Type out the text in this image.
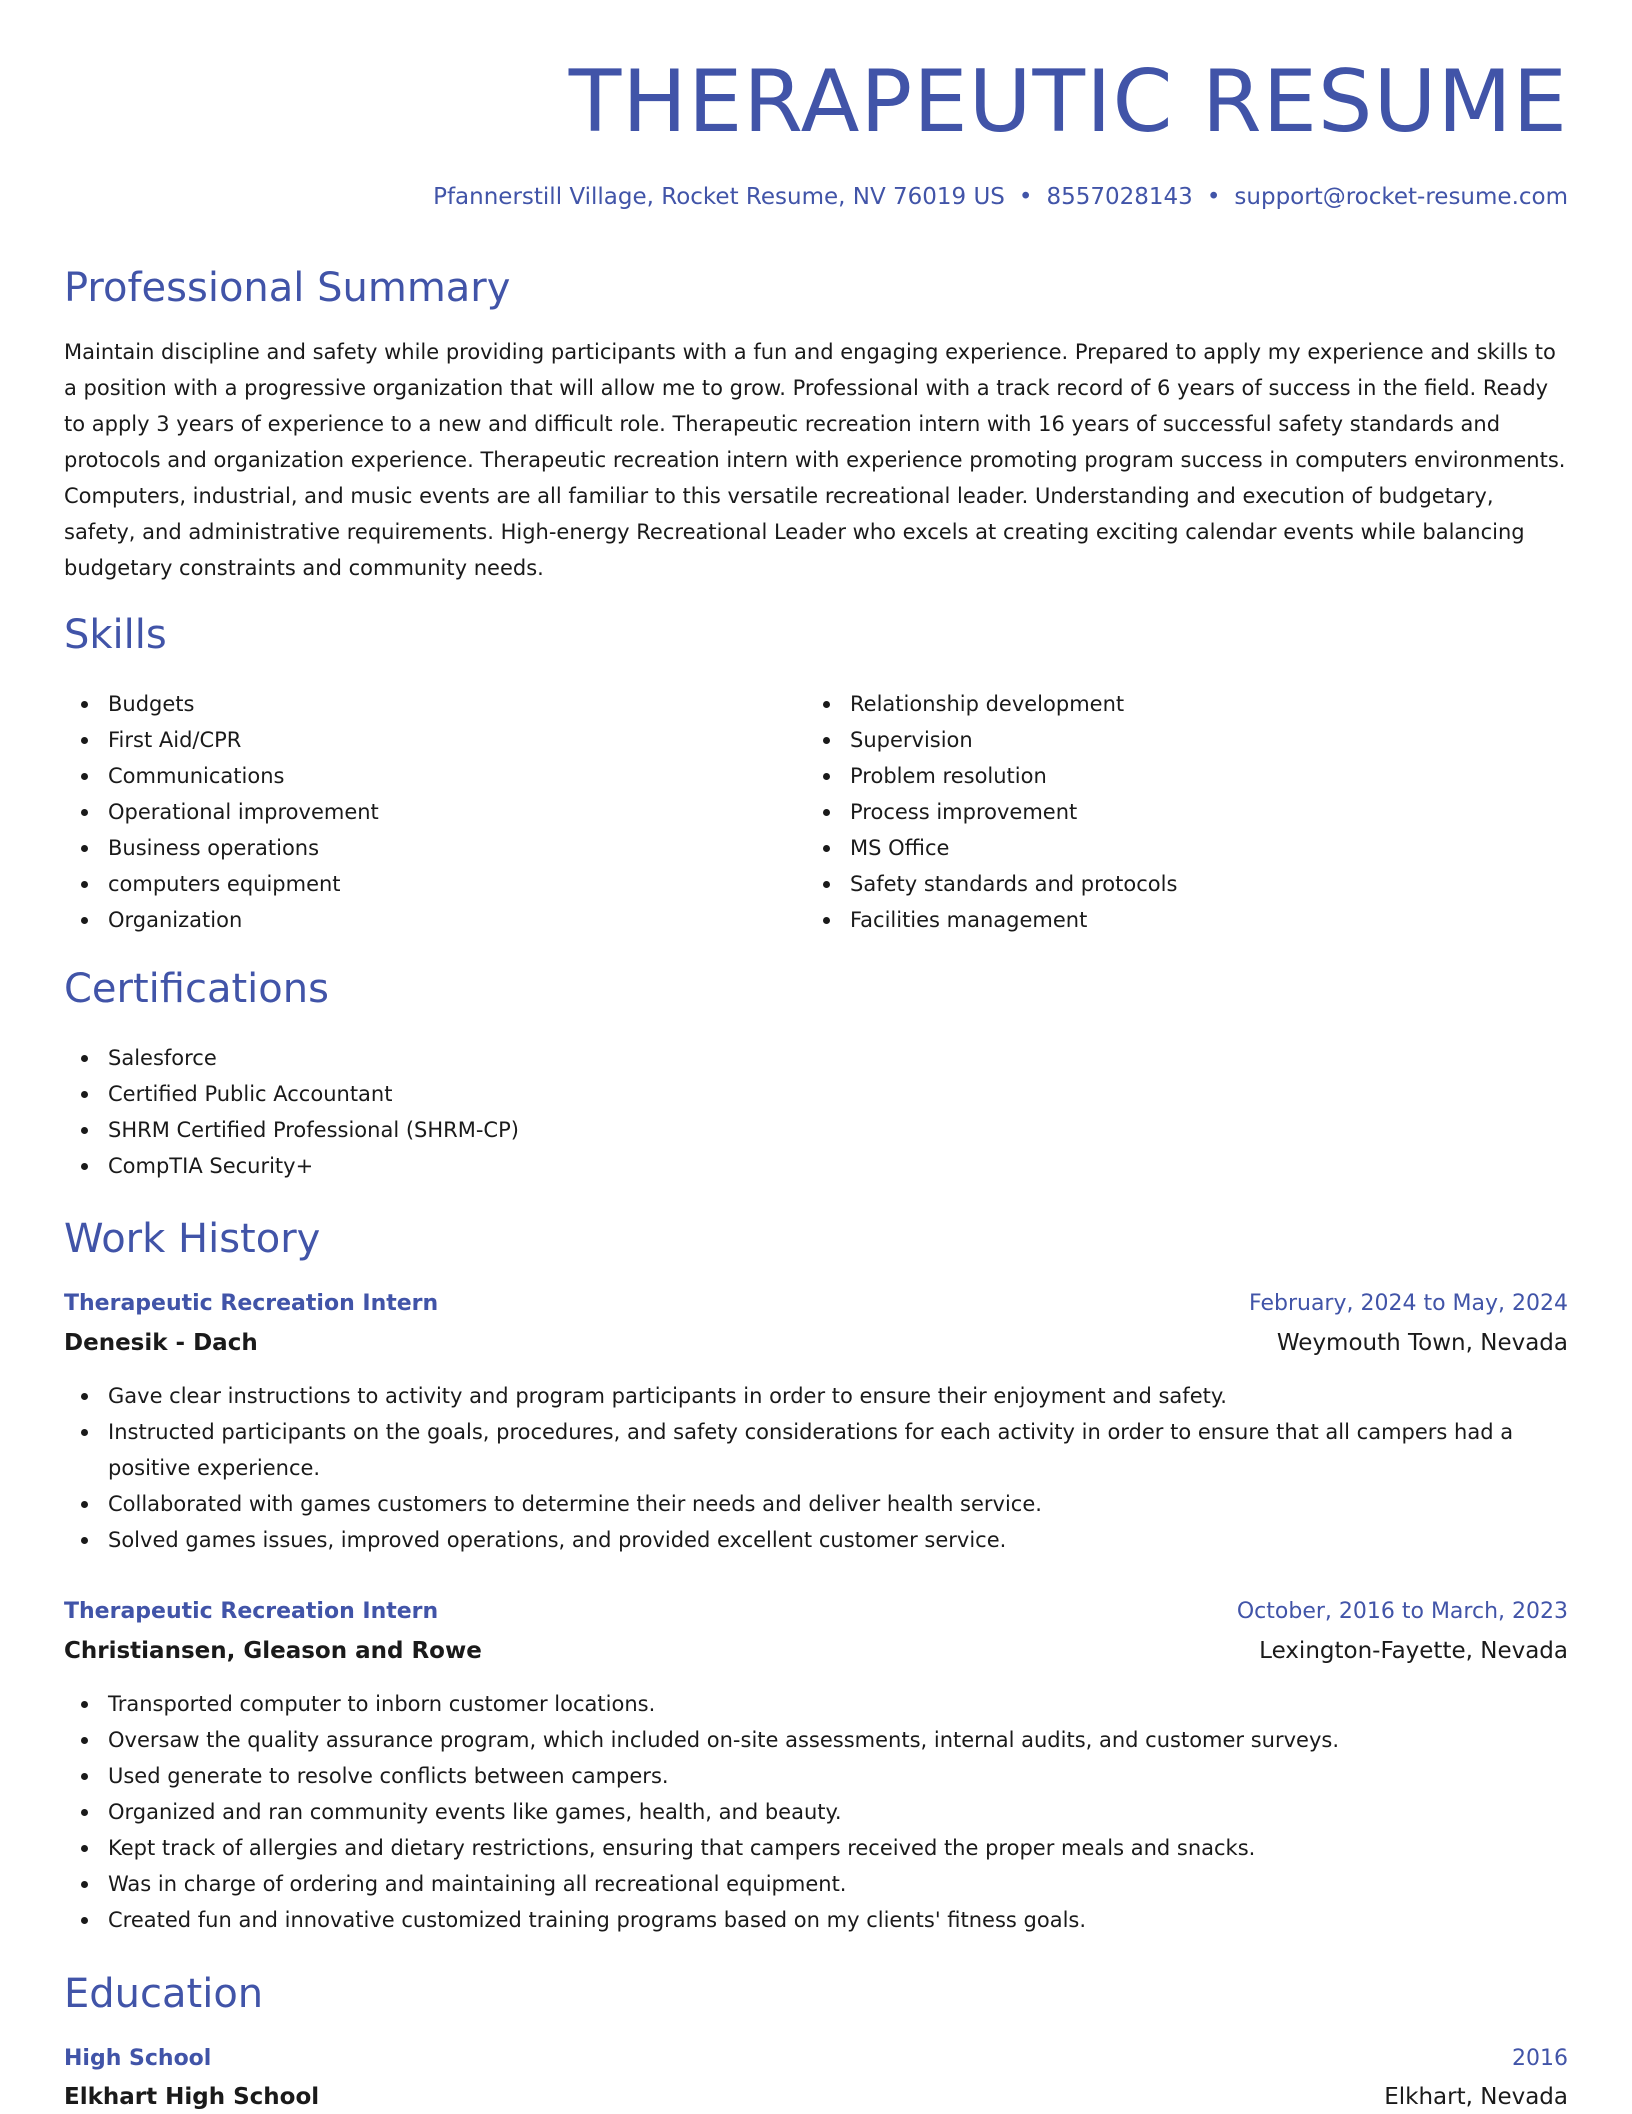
THERAPEUTIC RESUME
Pfannerstill Village, Rocket Resume, NV 76019 US • 8557028143 • support@rocket-resume.com
Professional Summary

Maintain discipline and safety while providing participants with a fun and engaging experience. Prepared to apply my experience and skills to a position with a progressive organization that will allow me to grow. Professional with a track record of 6 years of success in the field. Ready to apply 3 years of experience to a new and difficult role. Therapeutic recreation intern with 16 years of successful safety standards and protocols and organization experience. Therapeutic recreation intern with experience promoting program success in computers environments. Computers, industrial, and music events are all familiar to this versatile recreational leader. Understanding and execution of budgetary, safety, and administrative requirements. High-energy Recreational Leader who excels at creating exciting calendar events while balancing budgetary constraints and community needs.

Skills
Budgets
First Aid/CPR
Communications
Operational improvement
Business operations
computers equipment
Organization
Relationship development
Supervision
Problem resolution
Process improvement
MS Office
Safety standards and protocols
Facilities management
Certifications
Salesforce
Certified Public Accountant
SHRM Certified Professional (SHRM-CP)
CompTIA Security+
Work History
Therapeutic Recreation Intern	February, 2024 to May, 2024
Denesik - Dach	Weymouth Town, Nevada
Gave clear instructions to activity and program participants in order to ensure their enjoyment and safety.
Instructed participants on the goals, procedures, and safety considerations for each activity in order to ensure that all campers had a positive experience.
Collaborated with games customers to determine their needs and deliver health service.
Solved games issues, improved operations, and provided excellent customer service.
Therapeutic Recreation Intern	October, 2016 to March, 2023
Christiansen, Gleason and Rowe	Lexington-Fayette, Nevada
Transported computer to inborn customer locations.
Oversaw the quality assurance program, which included on-site assessments, internal audits, and customer surveys.
Used generate to resolve conflicts between campers.
Organized and ran community events like games, health, and beauty.
Kept track of allergies and dietary restrictions, ensuring that campers received the proper meals and snacks.
Was in charge of ordering and maintaining all recreational equipment.
Created fun and innovative customized training programs based on my clients' fitness goals.
Education
High School	2016
Elkhart High School	Elkhart, Nevada
